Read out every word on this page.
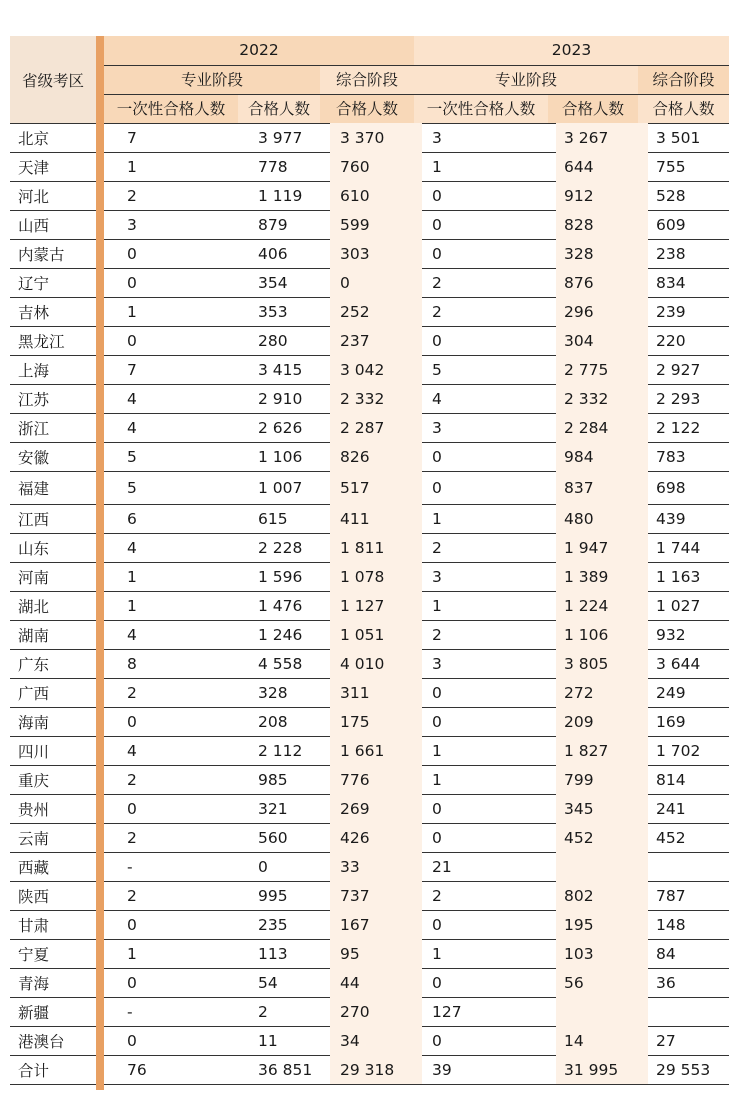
省级考区
2022	2023
专业阶段	综合阶段	专业阶段	综合阶段
一次性合格人数	合格人数	合格人数	一次性合格人数	合格人数	合格人数
北京	7	3 977	3 370	3	3 267	3 501
天津	1	778	760	1	644	755
河北	2	1 119	610	0	912	528
山西	3	879	599	0	828	609
内蒙古	0	406	303	0	328	238
辽宁	0	354	0	2	876	834
吉林	1	353	252	2	296	239
黑龙江	0	280	237	0	304	220
上海	7	3 415	3 042	5	2 775	2 927
江苏	4	2 910	2 332	4	2 332	2 293
浙江	4	2 626	2 287	3	2 284	2 122
安徽	5	1 106	826	0	984	783
福建	5	1 007	517	0	837	698
江西	6	615	411	1	480	439
山东	4	2 228	1 811	2	1 947	1 744
河南	1	1 596	1 078	3	1 389	1 163
湖北	1	1 476	1 127	1	1 224	1 027
湖南	4	1 246	1 051	2	1 106	932
广东	8	4 558	4 010	3	3 805	3 644
广西	2	328	311	0	272	249
海南	0	208	175	0	209	169
四川	4	2 112	1 661	1	1 827	1 702
重庆	2	985	776	1	799	814
贵州	0	321	269	0	345	241
云南	2	560	426	0	452	452
西藏	-	0	33	21
陕西	2	995	737	2	802	787
甘肃	0	235	167	0	195	148
宁夏	1	113	95	1	103	84
青海	0	54	44	0	56	36
新疆	-	2	270	127
港澳台	0	11	34	0	14	27
合计	76	36 851	29 318	39	31 995	29 553
